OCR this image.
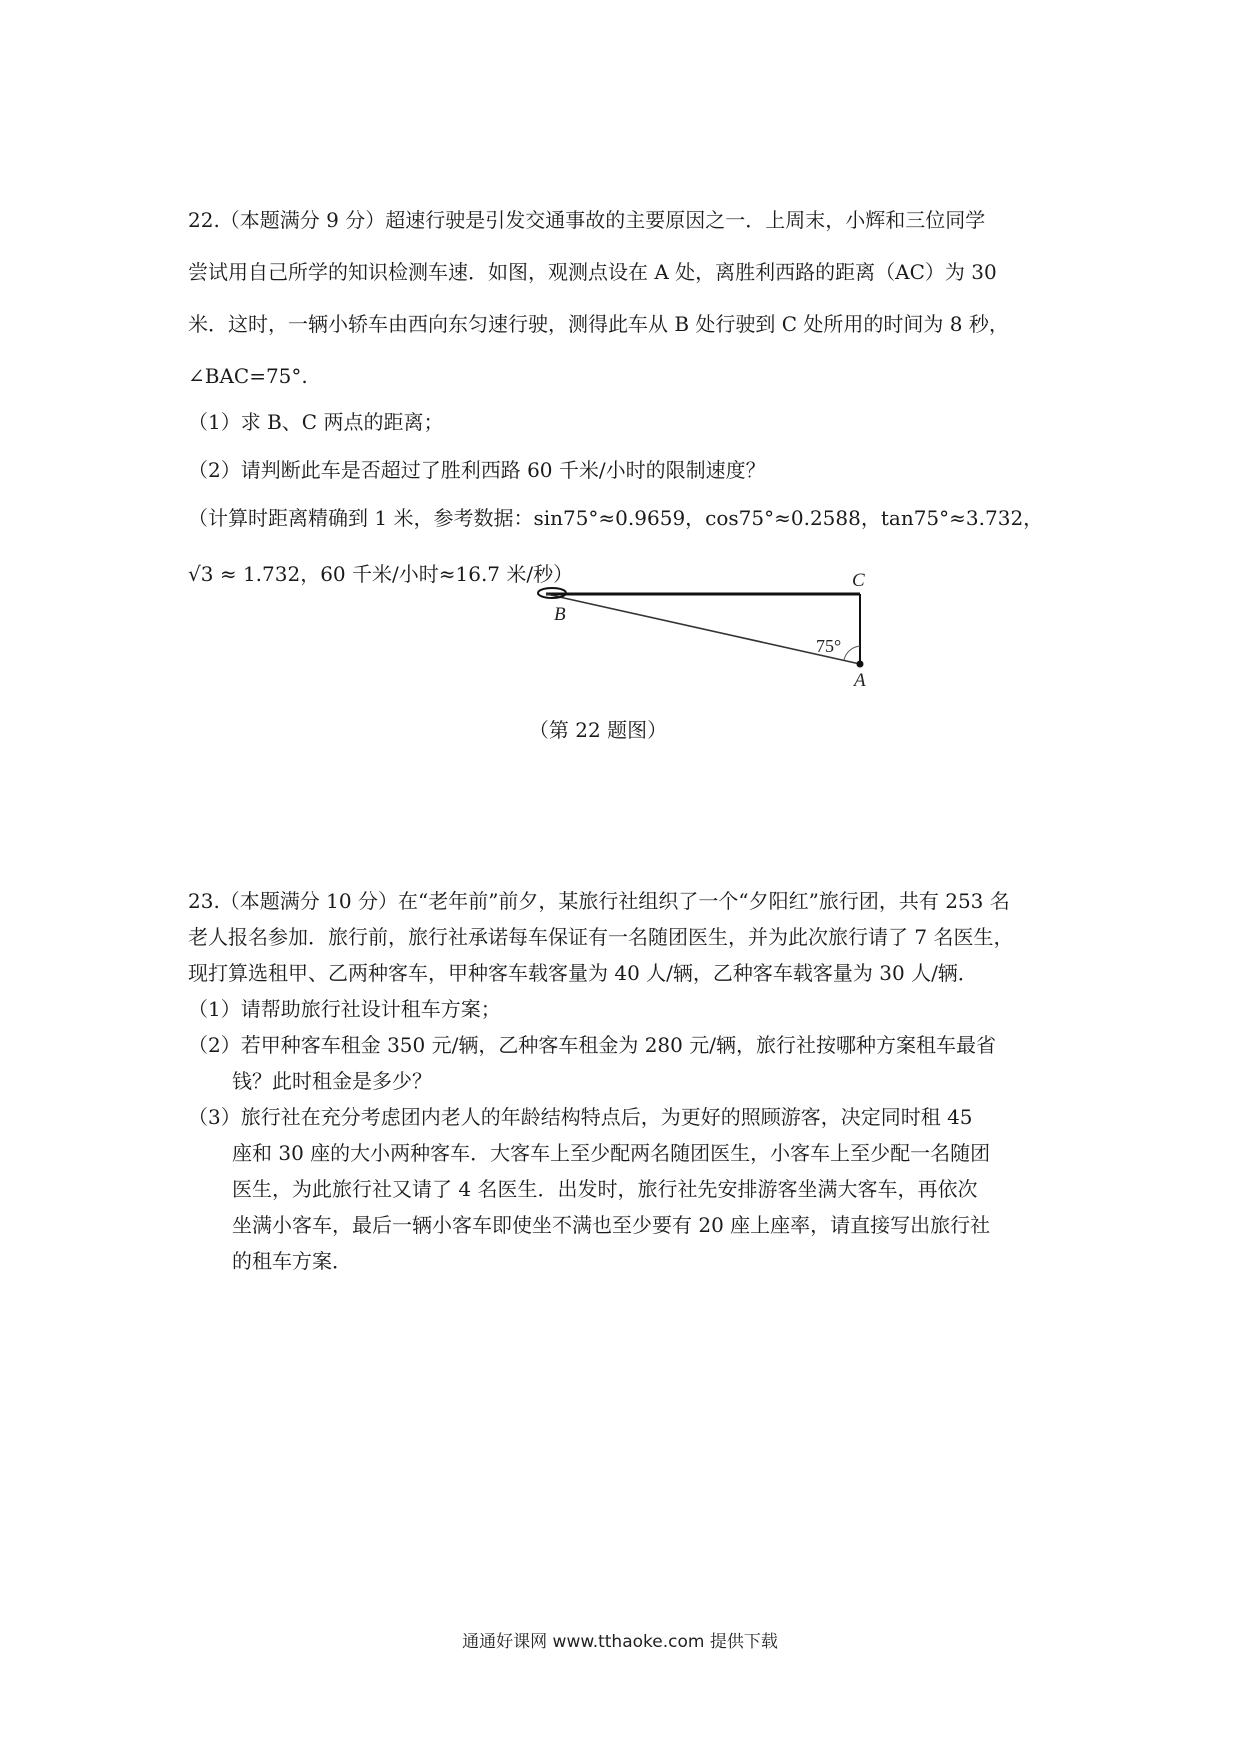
22.（本题满分 9 分）超速行驶是引发交通事故的主要原因之一．上周末，小辉和三位同学
尝试用自己所学的知识检测车速．如图，观测点设在 A 处，离胜利西路的距离（AC）为 30
米．这时，一辆小轿车由西向东匀速行驶，测得此车从 B 处行驶到 C 处所用的时间为 8 秒，
∠BAC=75°.
（1）求 B、C 两点的距离；
（2）请判断此车是否超过了胜利西路 60 千米/小时的限制速度？
（计算时距离精确到 1 米，参考数据：sin75°≈0.9659，cos75°≈0.2588，tan75°≈3.732，
√3 ≈ 1.732，60 千米/小时≈16.7 米/秒）
B
C
A
75°
（第 22 题图）
23.（本题满分 10 分）在“老年前”前夕，某旅行社组织了一个“夕阳红”旅行团，共有 253 名
老人报名参加．旅行前，旅行社承诺每车保证有一名随团医生，并为此次旅行请了 7 名医生，
现打算选租甲、乙两种客车，甲种客车载客量为 40 人/辆，乙种客车载客量为 30 人/辆．
（1）请帮助旅行社设计租车方案；
（2）若甲种客车租金 350 元/辆，乙种客车租金为 280 元/辆，旅行社按哪种方案租车最省
钱？此时租金是多少？
（3）旅行社在充分考虑团内老人的年龄结构特点后，为更好的照顾游客，决定同时租 45
座和 30 座的大小两种客车．大客车上至少配两名随团医生，小客车上至少配一名随团
医生，为此旅行社又请了 4 名医生．出发时，旅行社先安排游客坐满大客车，再依次
坐满小客车，最后一辆小客车即使坐不满也至少要有 20 座上座率，请直接写出旅行社
的租车方案．
通通好课网 www.tthaoke.com 提供下载
